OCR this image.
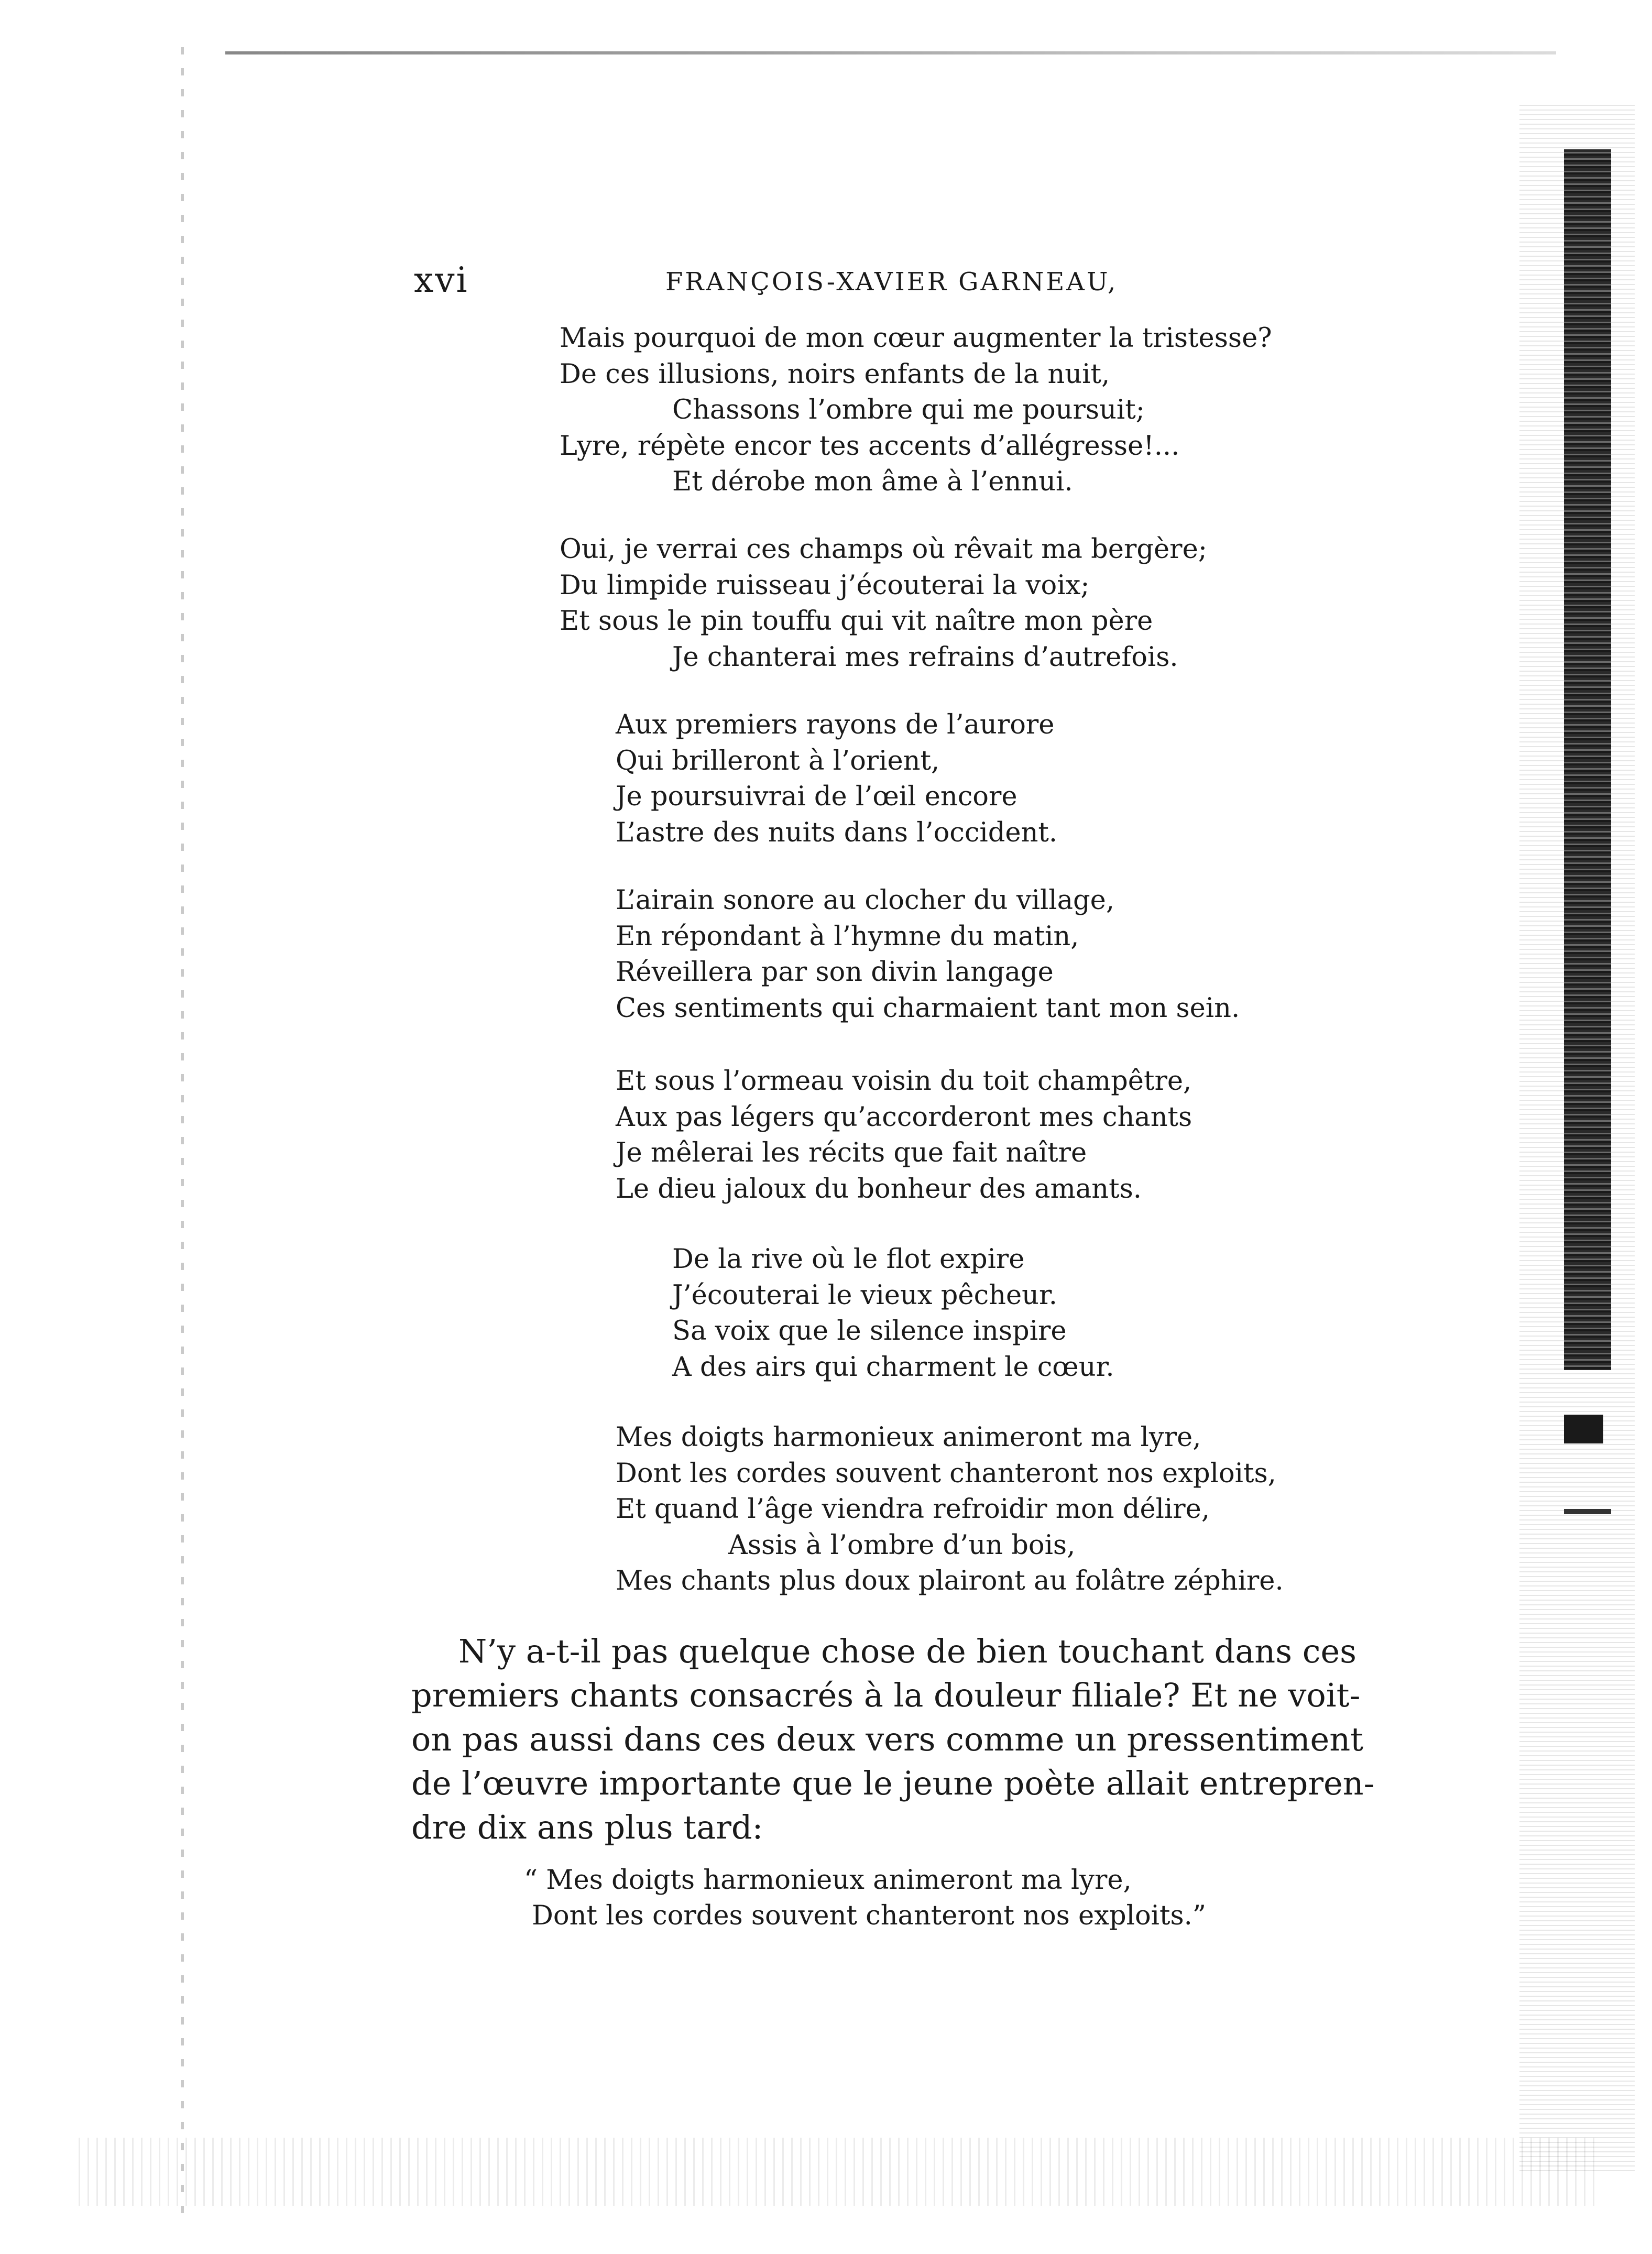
xvi	FRANÇOIS-XAVIER GARNEAU,
Mais pourquoi de mon cœur augmenter la tristesse?
De ces illusions, noirs enfants de la nuit,
Chassons l’ombre qui me poursuit;
Lyre, répète encor tes accents d’allégresse!...
Et dérobe mon âme à l’ennui.
Oui, je verrai ces champs où rêvait ma bergère;
Du limpide ruisseau j’écouterai la voix;
Et sous le pin touffu qui vit naître mon père
Je chanterai mes refrains d’autrefois.
Aux premiers rayons de l’aurore
Qui brilleront à l’orient,
Je poursuivrai de l’œil encore
L’astre des nuits dans l’occident.
L’airain sonore au clocher du village,
En répondant à l’hymne du matin,
Réveillera par son divin langage
Ces sentiments qui charmaient tant mon sein.
Et sous l’ormeau voisin du toit champêtre,
Aux pas légers qu’accorderont mes chants
Je mêlerai les récits que fait naître
Le dieu jaloux du bonheur des amants.
De la rive où le flot expire
J’écouterai le vieux pêcheur.
Sa voix que le silence inspire
A des airs qui charment le cœur.
Mes doigts harmonieux animeront ma lyre,
Dont les cordes souvent chanteront nos exploits,
Et quand l’âge viendra refroidir mon délire,
Assis à l’ombre d’un bois,
Mes chants plus doux plairont au folâtre zéphire.
N’y a-t-il pas quelque chose de bien touchant dans ces
premiers chants consacrés à la douleur filiale? Et ne voit-
on pas aussi dans ces deux vers comme un pressentiment
de l’œuvre importante que le jeune poète allait entrepren-
dre dix ans plus tard:
“ Mes doigts harmonieux animeront ma lyre,
Dont les cordes souvent chanteront nos exploits.”
